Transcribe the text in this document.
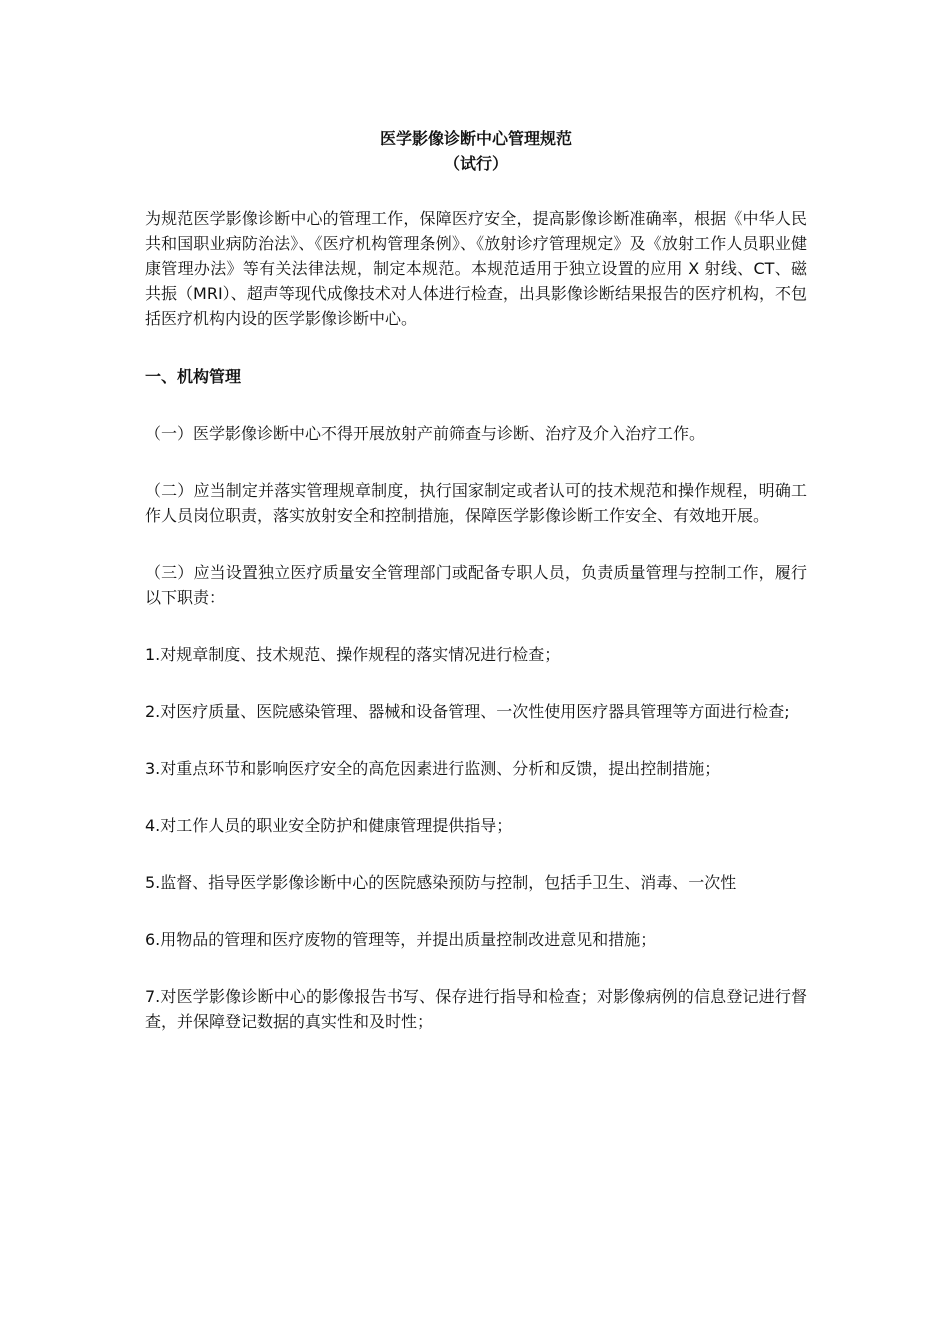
医学影像诊断中心管理规范
（试行）

为规范医学影像诊断中心的管理工作，保障医疗安全，提高影像诊断准确率，根据《中华人民共和国职业病防治法》、《医疗机构管理条例》、《放射诊疗管理规定》及《放射工作人员职业健康管理办法》等有关法律法规，制定本规范。本规范适用于独立设置的应用 X 射线、CT、磁共振（MRI）、超声等现代成像技术对人体进行检查，出具影像诊断结果报告的医疗机构，不包括医疗机构内设的医学影像诊断中心。

一、机构管理

（一）医学影像诊断中心不得开展放射产前筛查与诊断、治疗及介入治疗工作。

（二）应当制定并落实管理规章制度，执行国家制定或者认可的技术规范和操作规程，明确工作人员岗位职责，落实放射安全和控制措施，保障医学影像诊断工作安全、有效地开展。

（三）应当设置独立医疗质量安全管理部门或配备专职人员，负责质量管理与控制工作，履行以下职责：

1.对规章制度、技术规范、操作规程的落实情况进行检查；

2.对医疗质量、医院感染管理、器械和设备管理、一次性使用医疗器具管理等方面进行检查;

3.对重点环节和影响医疗安全的高危因素进行监测、分析和反馈，提出控制措施；

4.对工作人员的职业安全防护和健康管理提供指导；

5.监督、指导医学影像诊断中心的医院感染预防与控制，包括手卫生、消毒、一次性

6.用物品的管理和医疗废物的管理等，并提出质量控制改进意见和措施；

7.对医学影像诊断中心的影像报告书写、保存进行指导和检查；对影像病例的信息登记进行督查，并保障登记数据的真实性和及时性；
